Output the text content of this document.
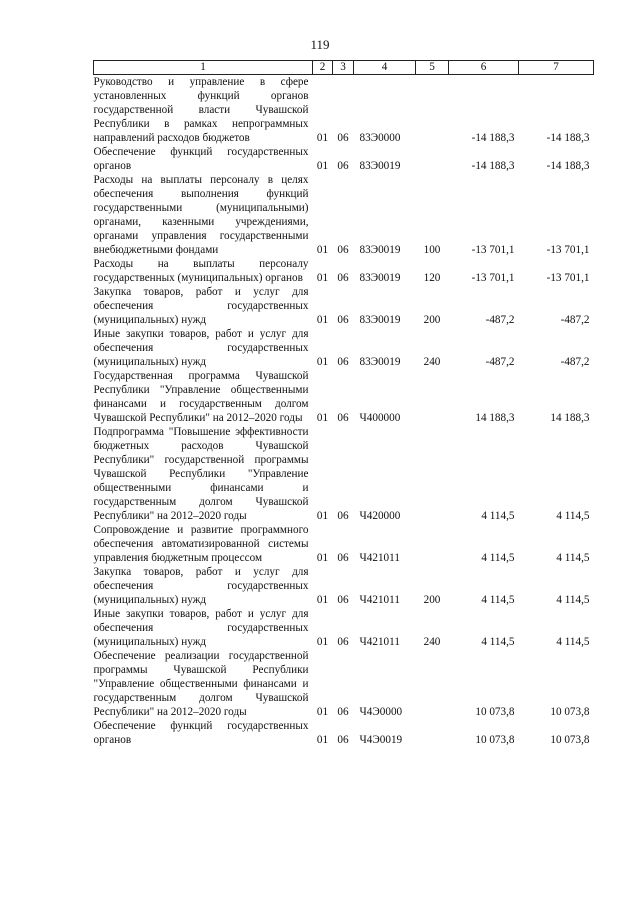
119
1	2	3	4	5	6	7
Руководство и управление в сфере установленных функций органов государственной власти Чувашской Республики в рамках непрограммных направлений расходов бюджетов	01	06	83Э0000		-14 188,3	-14 188,3
Обеспечение функций государственных органов	01	06	83Э0019		-14 188,3	-14 188,3
Расходы на выплаты персоналу в целях обеспечения выполнения функций государственными (муниципальными) органами, казенными учреждениями, органами управления государственными внебюджетными фондами	01	06	83Э0019	100	-13 701,1	-13 701,1
Расходы на выплаты персоналу государственных (муниципальных) органов	01	06	83Э0019	120	-13 701,1	-13 701,1
Закупка товаров, работ и услуг для обеспечения государственных (муниципальных) нужд	01	06	83Э0019	200	-487,2	-487,2
Иные закупки товаров, работ и услуг для обеспечения государственных (муниципальных) нужд	01	06	83Э0019	240	-487,2	-487,2
Государственная программа Чувашской Республики "Управление общественными финансами и государственным долгом Чувашской Республики" на 2012–2020 годы	01	06	Ч400000		14 188,3	14 188,3
Подпрограмма "Повышение эффективности бюджетных расходов Чувашской Республики" государственной программы Чувашской Республики "Управление общественными финансами и государственным долгом Чувашской Республики" на 2012–2020 годы	01	06	Ч420000		4 114,5	4 114,5
Сопровождение и развитие программного обеспечения автоматизированной системы управления бюджетным процессом	01	06	Ч421011		4 114,5	4 114,5
Закупка товаров, работ и услуг для обеспечения государственных (муниципальных) нужд	01	06	Ч421011	200	4 114,5	4 114,5
Иные закупки товаров, работ и услуг для обеспечения государственных (муниципальных) нужд	01	06	Ч421011	240	4 114,5	4 114,5
Обеспечение реализации государственной программы Чувашской Республики "Управление общественными финансами и государственным долгом Чувашской Республики" на 2012–2020 годы	01	06	Ч4Э0000		10 073,8	10 073,8
Обеспечение функций государственных органов	01	06	Ч4Э0019		10 073,8	10 073,8
